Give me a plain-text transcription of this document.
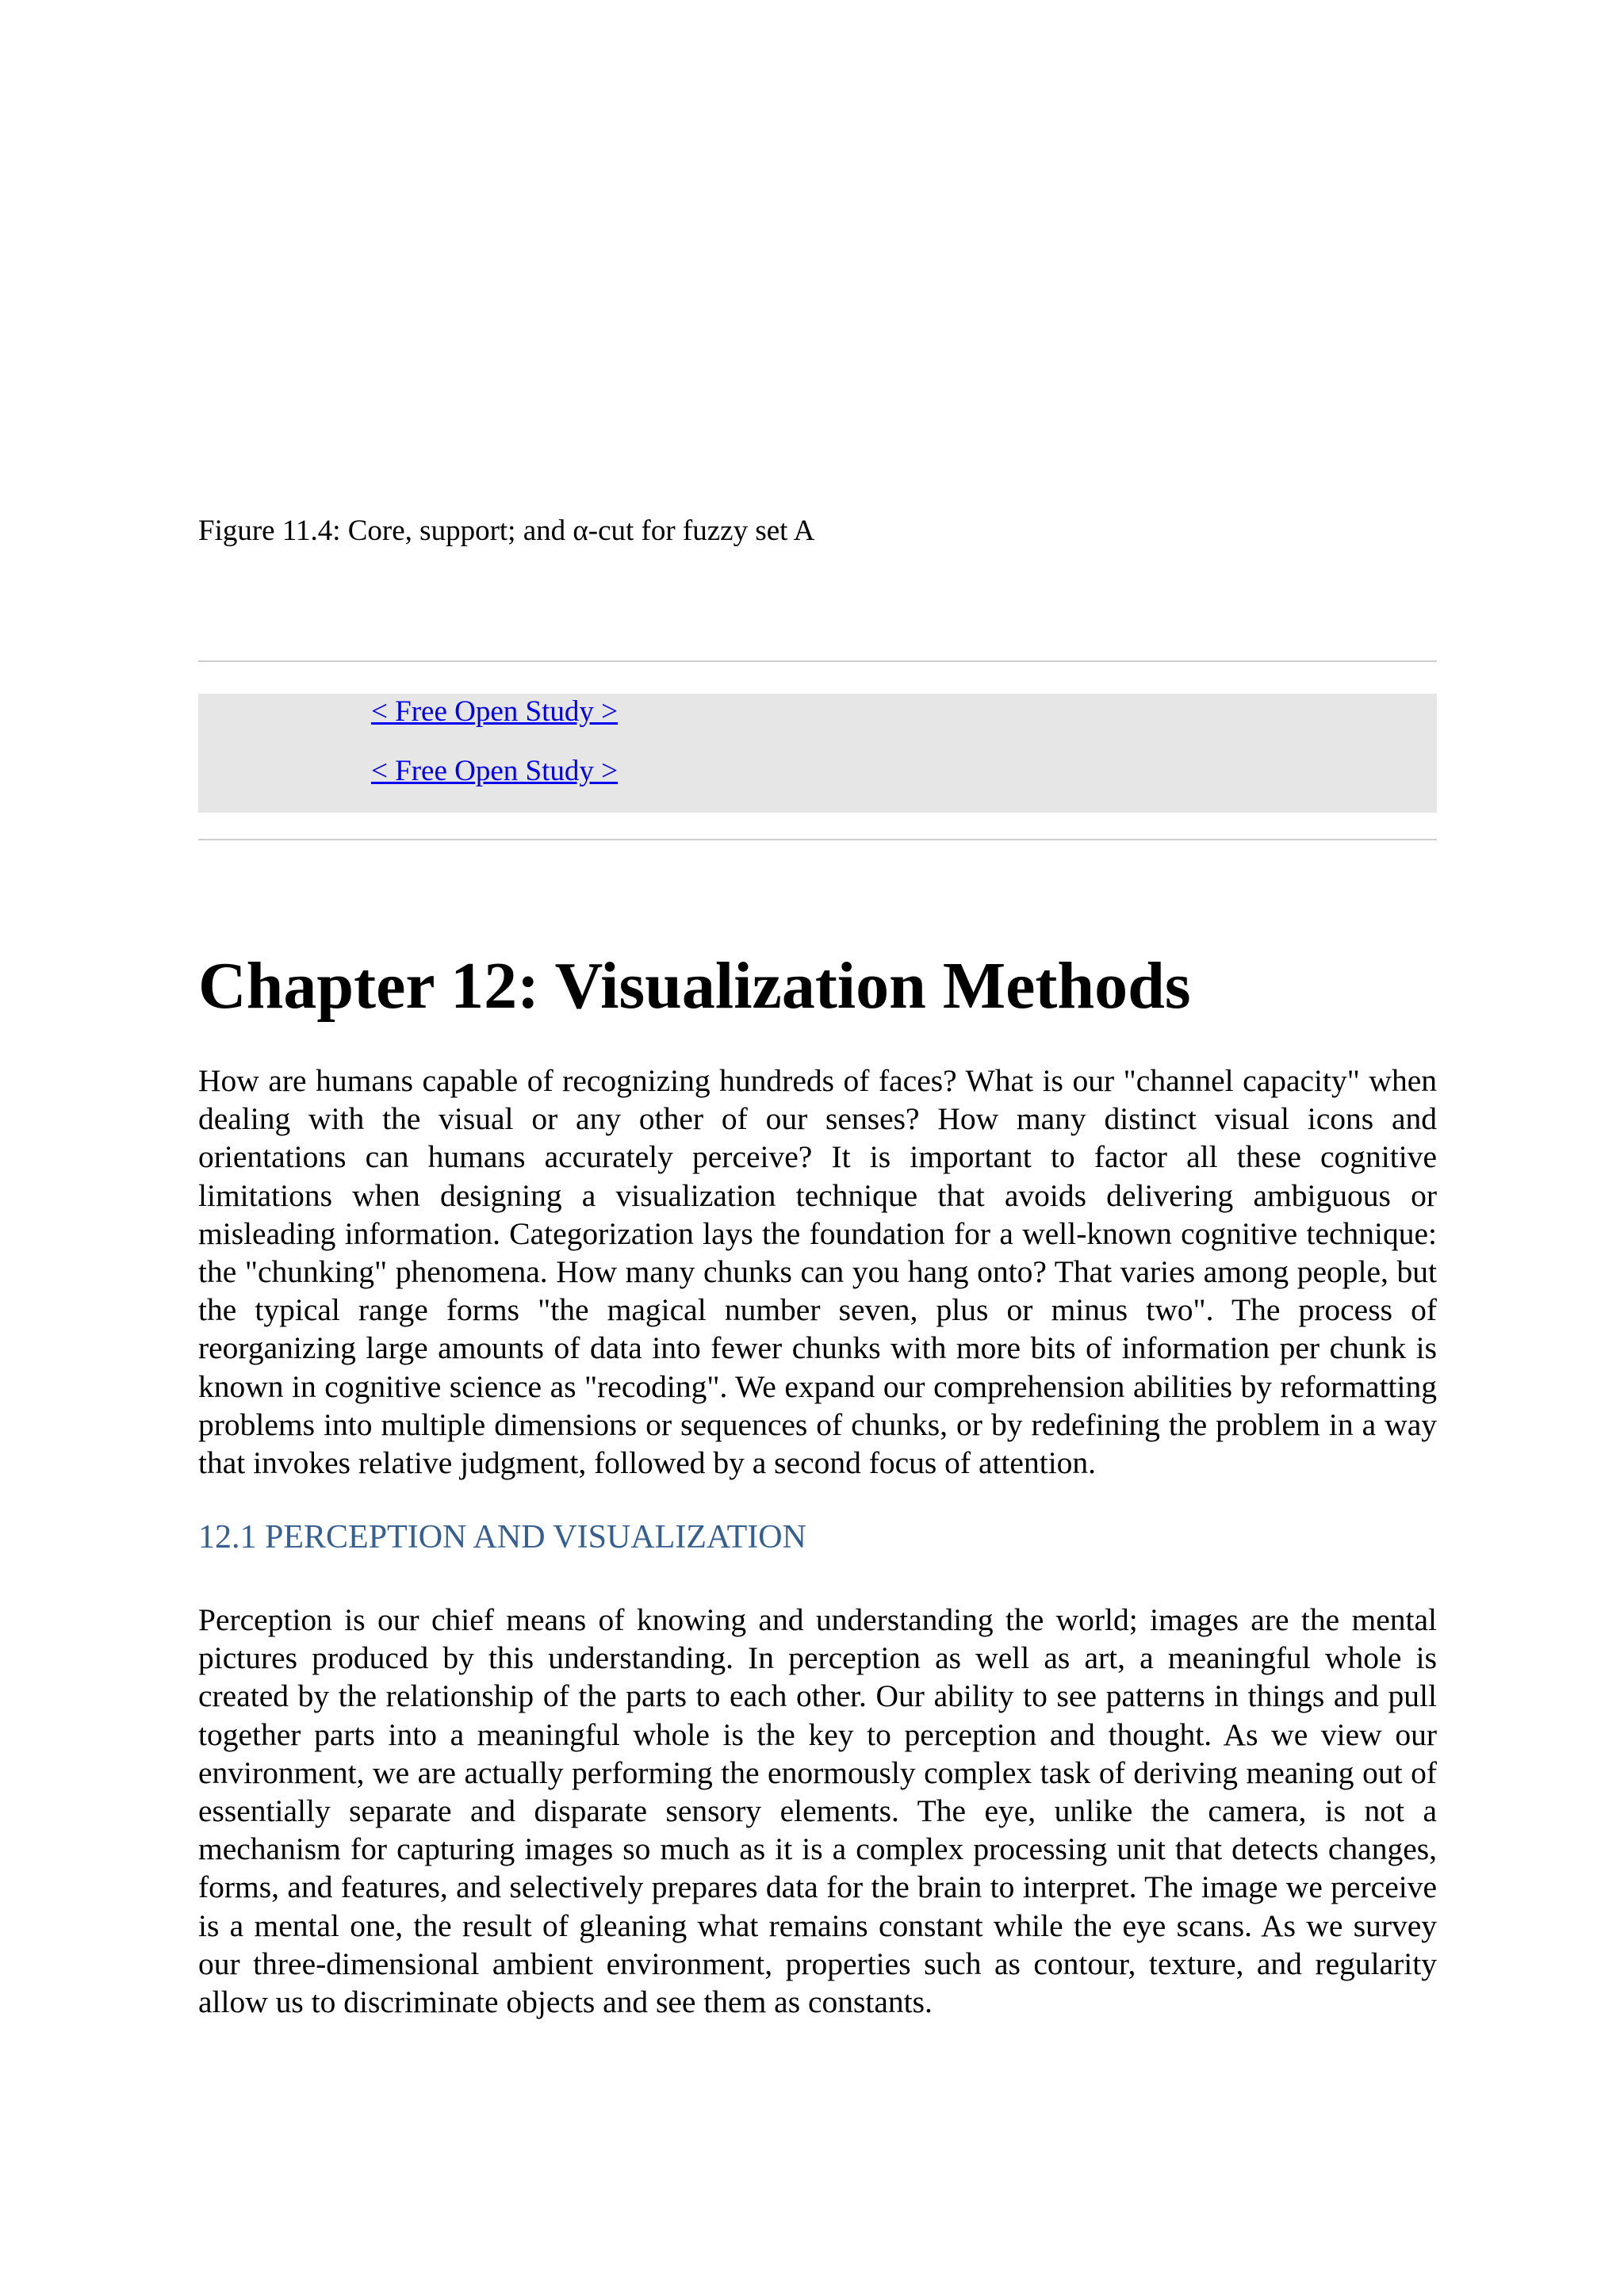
Figure 11.4: Core, support; and α-cut for fuzzy set A
< Free Open Study >
< Free Open Study >
Chapter 12: Visualization Methods

How are humans capable of recognizing hundreds of faces? What is our "channel capacity" when dealing with the visual or any other of our senses? How many distinct visual icons and orientations can humans accurately perceive? It is important to factor all these cognitive limitations when designing a visualization technique that avoids delivering ambiguous or misleading information. Categorization lays the foundation for a well-known cognitive technique: the "chunking" phenomena. How many chunks can you hang onto? That varies among people, but the typical range forms "the magical number seven, plus or minus two". The process of reorganizing large amounts of data into fewer chunks with more bits of information per chunk is known in cognitive science as "recoding". We expand our comprehension abilities by reformatting problems into multiple dimensions or sequences of chunks, or by redefining the problem in a way that invokes relative judgment, followed by a second focus of attention.

12.1 PERCEPTION AND VISUALIZATION

Perception is our chief means of knowing and understanding the world; images are the mental pictures produced by this understanding. In perception as well as art, a meaningful whole is created by the relationship of the parts to each other. Our ability to see patterns in things and pull together parts into a meaningful whole is the key to perception and thought. As we view our environment, we are actually performing the enormously complex task of deriving meaning out of essentially separate and disparate sensory elements. The eye, unlike the camera, is not a mechanism for capturing images so much as it is a complex processing unit that detects changes, forms, and features, and selectively prepares data for the brain to interpret. The image we perceive is a mental one, the result of gleaning what remains constant while the eye scans. As we survey our three-dimensional ambient environment, properties such as contour, texture, and regularity allow us to discriminate objects and see them as constants.
